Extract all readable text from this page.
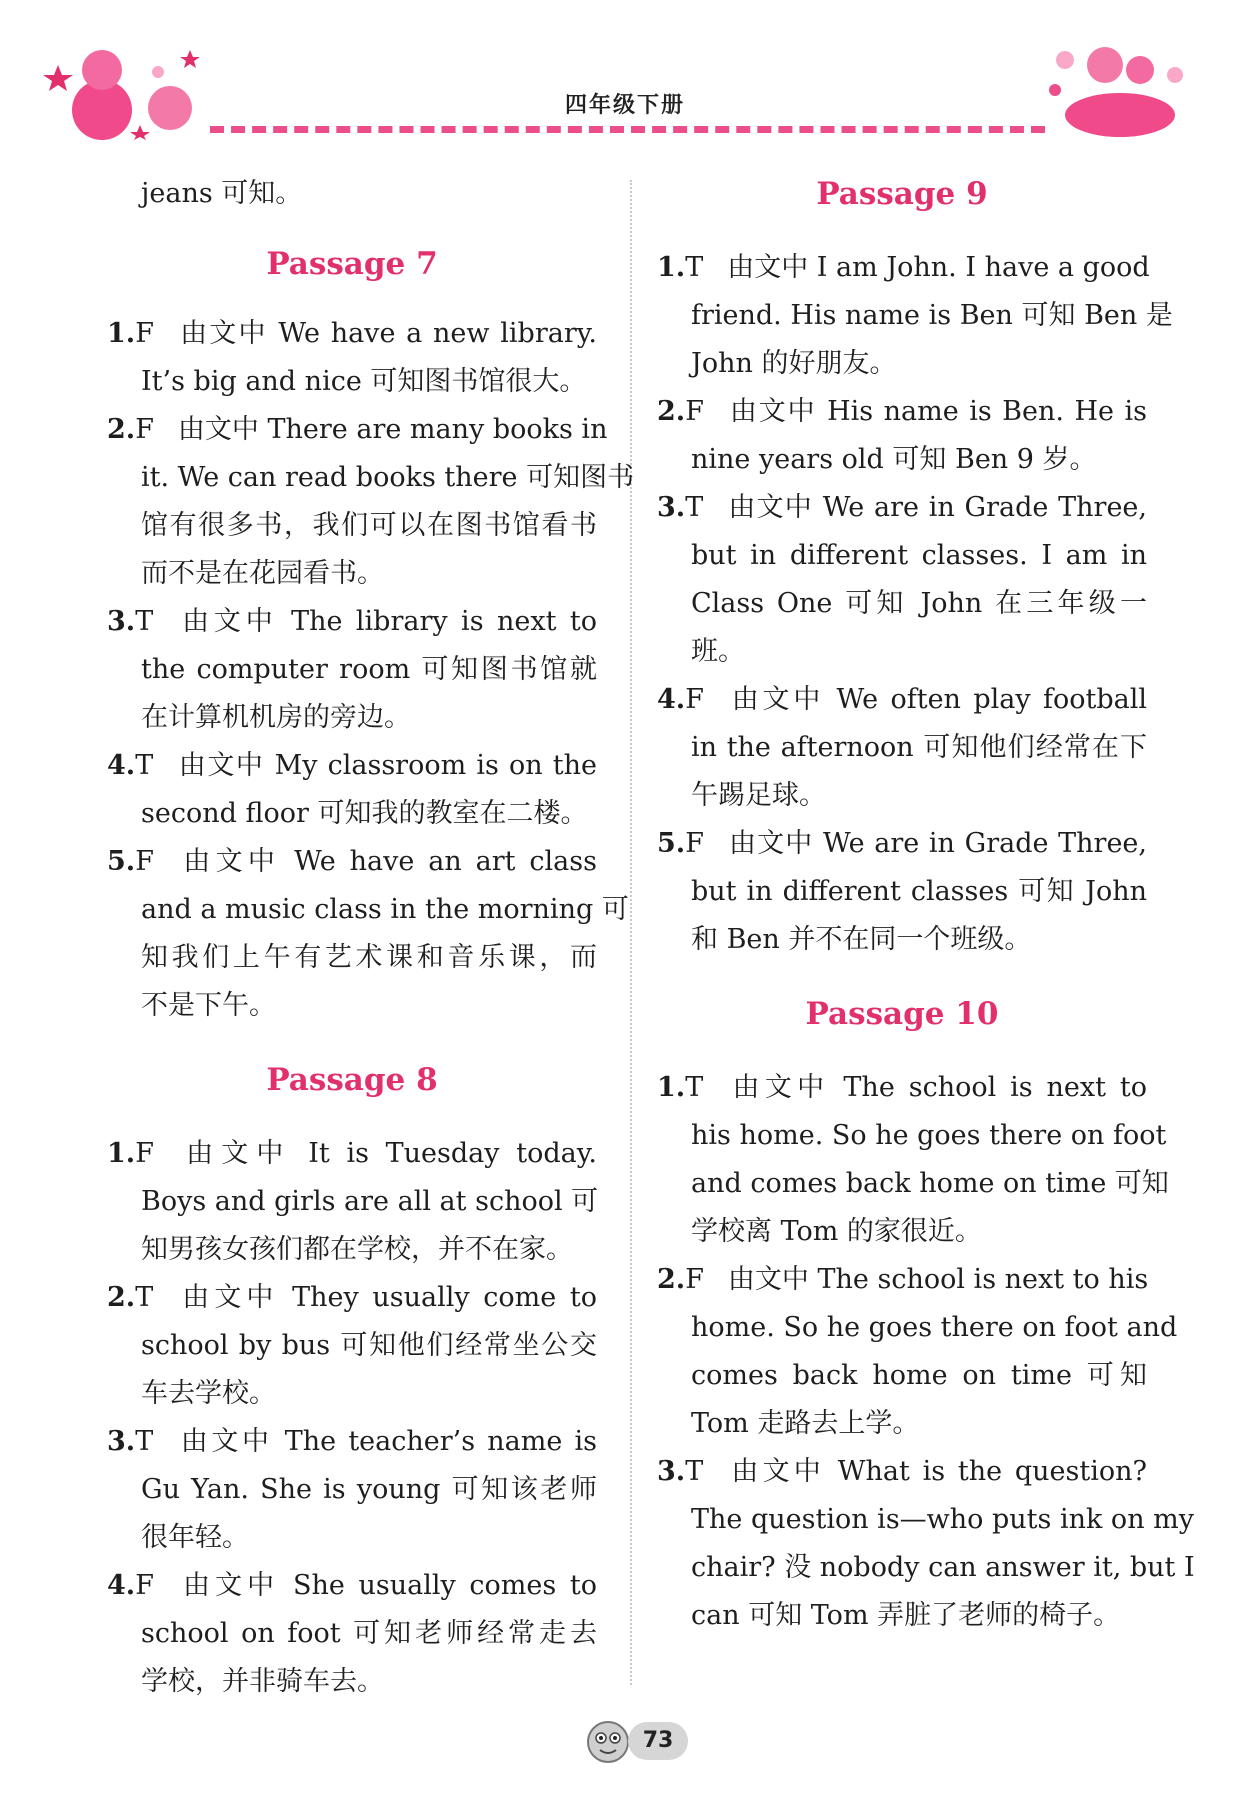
四年级下册
jeans 可知。
Passage 7
1.F 由文中 We have a new library.
It’s big and nice 可知图书馆很大。
2.F 由文中 There are many books in
it. We can read books there 可知图书
馆有很多书，我们可以在图书馆看书
而不是在花园看书。
3.T 由文中 The library is next to
the computer room 可知图书馆就
在计算机机房的旁边。
4.T 由文中 My classroom is on the
second floor 可知我的教室在二楼。
5.F 由文中 We have an art class
and a music class in the morning 可
知我们上午有艺术课和音乐课，而
不是下午。
Passage 8
1.F 由文中 It is Tuesday today.
Boys and girls are all at school 可
知男孩女孩们都在学校，并不在家。
2.T 由文中 They usually come to
school by bus 可知他们经常坐公交
车去学校。
3.T 由文中 The teacher’s name is
Gu Yan. She is young 可知该老师
很年轻。
4.F 由文中 She usually comes to
school on foot 可知老师经常走去
学校，并非骑车去。
Passage 9
1.T 由文中 I am John. I have a good
friend. His name is Ben 可知 Ben 是
John 的好朋友。
2.F 由文中 His name is Ben. He is
nine years old 可知 Ben 9 岁。
3.T 由文中 We are in Grade Three,
but in different classes. I am in
Class One 可知 John 在三年级一
班。
4.F 由文中 We often play football
in the afternoon 可知他们经常在下
午踢足球。
5.F 由文中 We are in Grade Three,
but in different classes 可知 John
和 Ben 并不在同一个班级。
Passage 10
1.T 由文中 The school is next to
his home. So he goes there on foot
and comes back home on time 可知
学校离 Tom 的家很近。
2.F 由文中 The school is next to his
home. So he goes there on foot and
comes back home on time 可知
Tom 走路去上学。
3.T 由文中 What is the question?
The question is—who puts ink on my
chair? 没 nobody can answer it, but I
can 可知 Tom 弄脏了老师的椅子。
73
